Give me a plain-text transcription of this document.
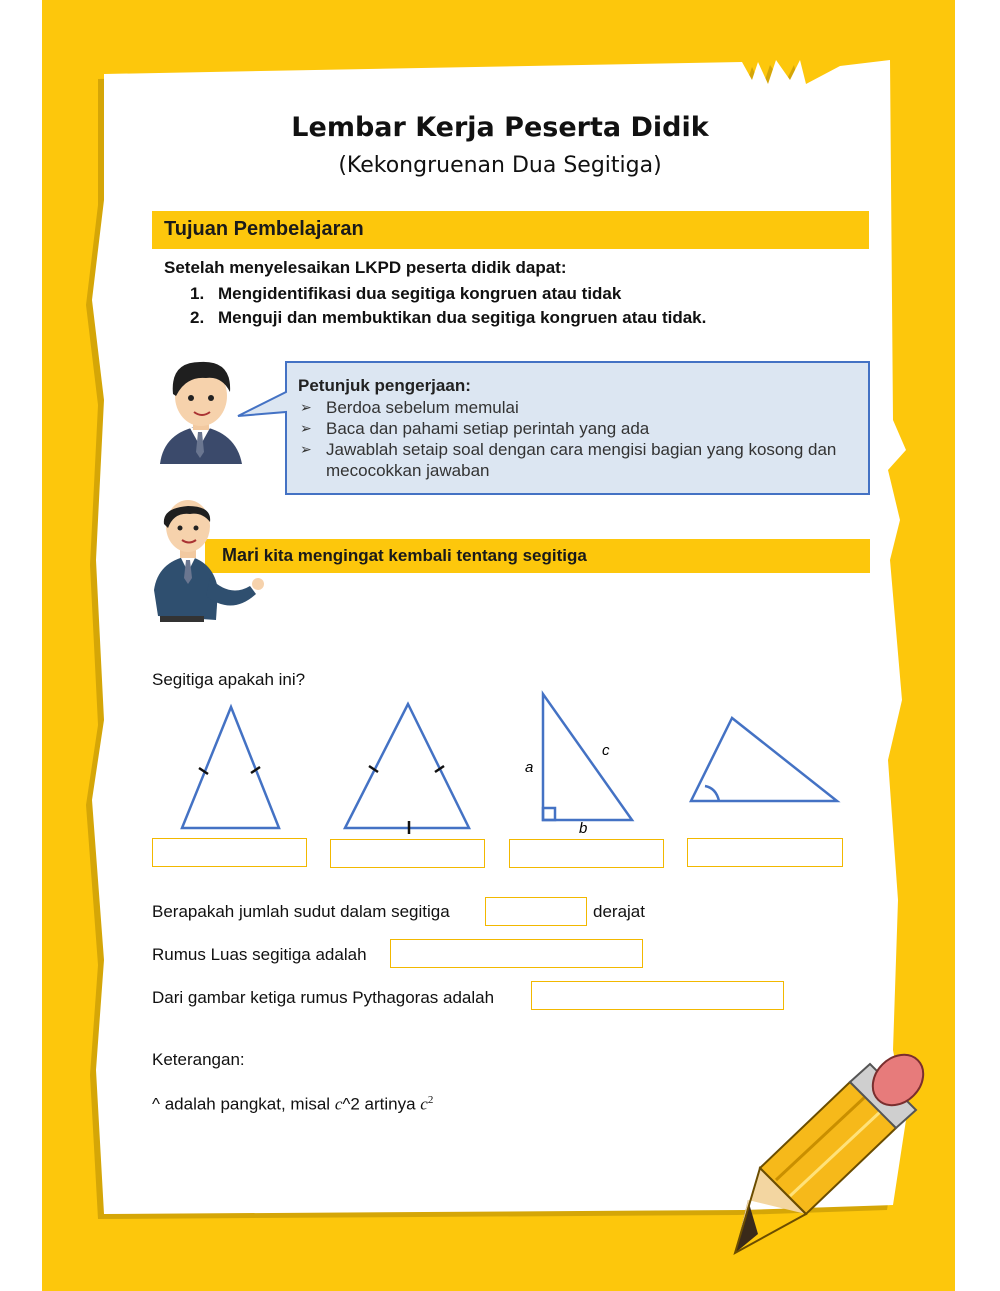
Lembar Kerja Peserta Didik
(Kekongruenan Dua Segitiga)
Tujuan Pembelajaran
Setelah menyelesaikan LKPD peserta didik dapat:
1. Mengidentifikasi dua segitiga kongruen atau tidak
2. Menguji dan membuktikan dua segitiga kongruen atau tidak.
Petunjuk pengerjaan:
➢ Berdoa sebelum memulai
➢ Baca dan pahami setiap perintah yang ada
➢ Jawablah setaip soal dengan cara mengisi bagian yang kosong dan mecocokkan jawaban
Mari kita mengingat kembali tentang segitiga
Segitiga apakah ini?
a
b
c
Berapakah jumlah sudut dalam segitiga	derajat
Rumus Luas segitiga adalah
Dari gambar ketiga rumus Pythagoras adalah
Keterangan:
^ adalah pangkat, misal c^2 artinya $c^2$
